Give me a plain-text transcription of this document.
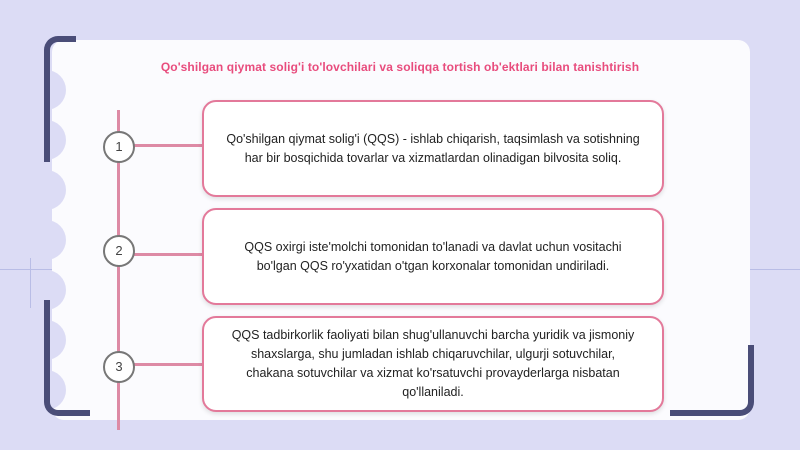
Qo'shilgan qiymat solig'i to'lovchilari va soliqqa tortish ob'ektlari bilan tanishtirish
1
2
3
Qo'shilgan qiymat solig'i (QQS) - ishlab chiqarish, taqsimlash va sotishning har bir bosqichida tovarlar va xizmatlardan olinadigan bilvosita soliq.
QQS oxirgi iste'molchi tomonidan to'lanadi va davlat uchun vositachi bo'lgan QQS ro'yxatidan o'tgan korxonalar tomonidan undiriladi.
QQS tadbirkorlik faoliyati bilan shug'ullanuvchi barcha yuridik va jismoniy shaxslarga, shu jumladan ishlab chiqaruvchilar, ulgurji sotuvchilar, chakana sotuvchilar va xizmat ko'rsatuvchi provayderlarga nisbatan qo'llaniladi.
